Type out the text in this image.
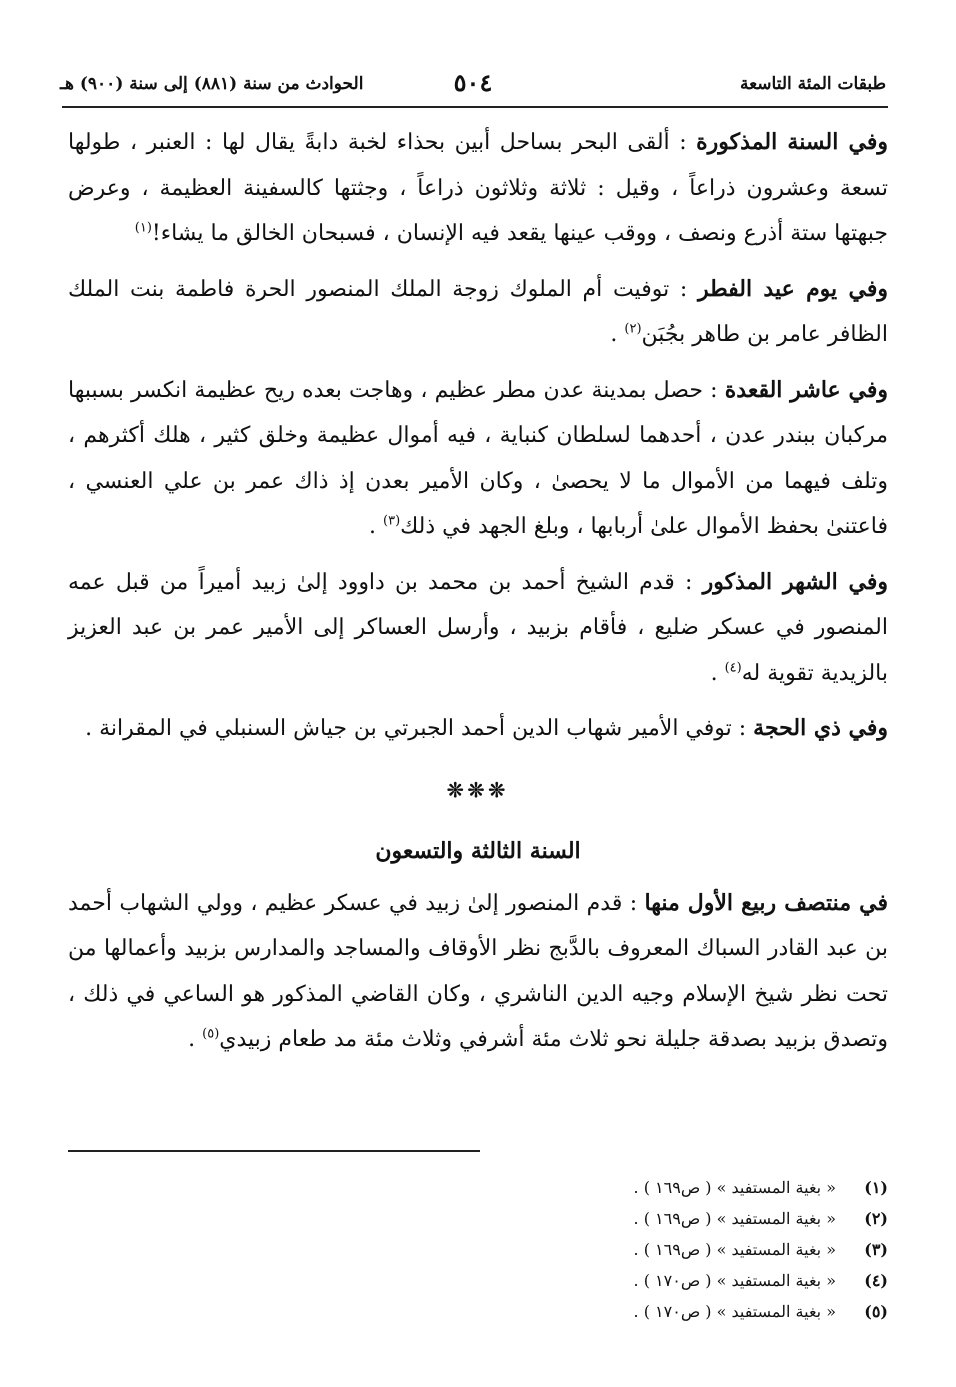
طبقات المئة التاسعة
٥٠٤
الحوادث من سنة (٨٨١) إلى سنة (٩٠٠) هـ

وفي السنة المذكورة : ألقى البحر بساحل أبين بحذاء لخبة دابةً يقال لها : العنبر ، طولها تسعة وعشرون ذراعاً ، وقيل : ثلاثة وثلاثون ذراعاً ، وجثتها كالسفينة العظيمة ، وعرض جبهتها ستة أذرع ونصف ، ووقب عينها يقعد فيه الإنسان ، فسبحان الخالق ما يشاء!$^{(١)}$

وفي يوم عيد الفطر : توفيت أم الملوك زوجة الملك المنصور الحرة فاطمة بنت الملك الظافر عامر بن طاهر بجُبَن$^{(٢)}$ .

وفي عاشر القعدة : حصل بمدينة عدن مطر عظيم ، وهاجت بعده ريح عظيمة انكسر بسببها مركبان ببندر عدن ، أحدهما لسلطان كنباية ، فيه أموال عظيمة وخلق كثير ، هلك أكثرهم ، وتلف فيهما من الأموال ما لا يحصىٰ ، وكان الأمير بعدن إذ ذاك عمر بن علي العنسي ، فاعتنىٰ بحفظ الأموال علىٰ أربابها ، وبلغ الجهد في ذلك$^{(٣)}$ .

وفي الشهر المذكور : قدم الشيخ أحمد بن محمد بن داوود إلىٰ زبيد أميراً من قبل عمه المنصور في عسكر ضليع ، فأقام بزبيد ، وأرسل العساكر إلى الأمير عمر بن عبد العزيز بالزيدية تقوية له$^{(٤)}$ .

وفي ذي الحجة : توفي الأمير شهاب الدين أحمد الجبرتي بن جياش السنبلي في المقرانة .

❊❊❊
السنة الثالثة والتسعون

في منتصف ربيع الأول منها : قدم المنصور إلىٰ زبيد في عسكر عظيم ، وولي الشهاب أحمد بن عبد القادر السباك المعروف بالدَّبج نظر الأوقاف والمساجد والمدارس بزبيد وأعمالها من تحت نظر شيخ الإسلام وجيه الدين الناشري ، وكان القاضي المذكور هو الساعي في ذلك ، وتصدق بزبيد بصدقة جليلة نحو ثلاث مئة أشرفي وثلاث مئة مد طعام زبيدي$^{(٥)}$ .

(١)
« بغية المستفيد » ( ص١٦٩ ) .
(٢)
« بغية المستفيد » ( ص١٦٩ ) .
(٣)
« بغية المستفيد » ( ص١٦٩ ) .
(٤)
« بغية المستفيد » ( ص١٧٠ ) .
(٥)
« بغية المستفيد » ( ص١٧٠ ) .
